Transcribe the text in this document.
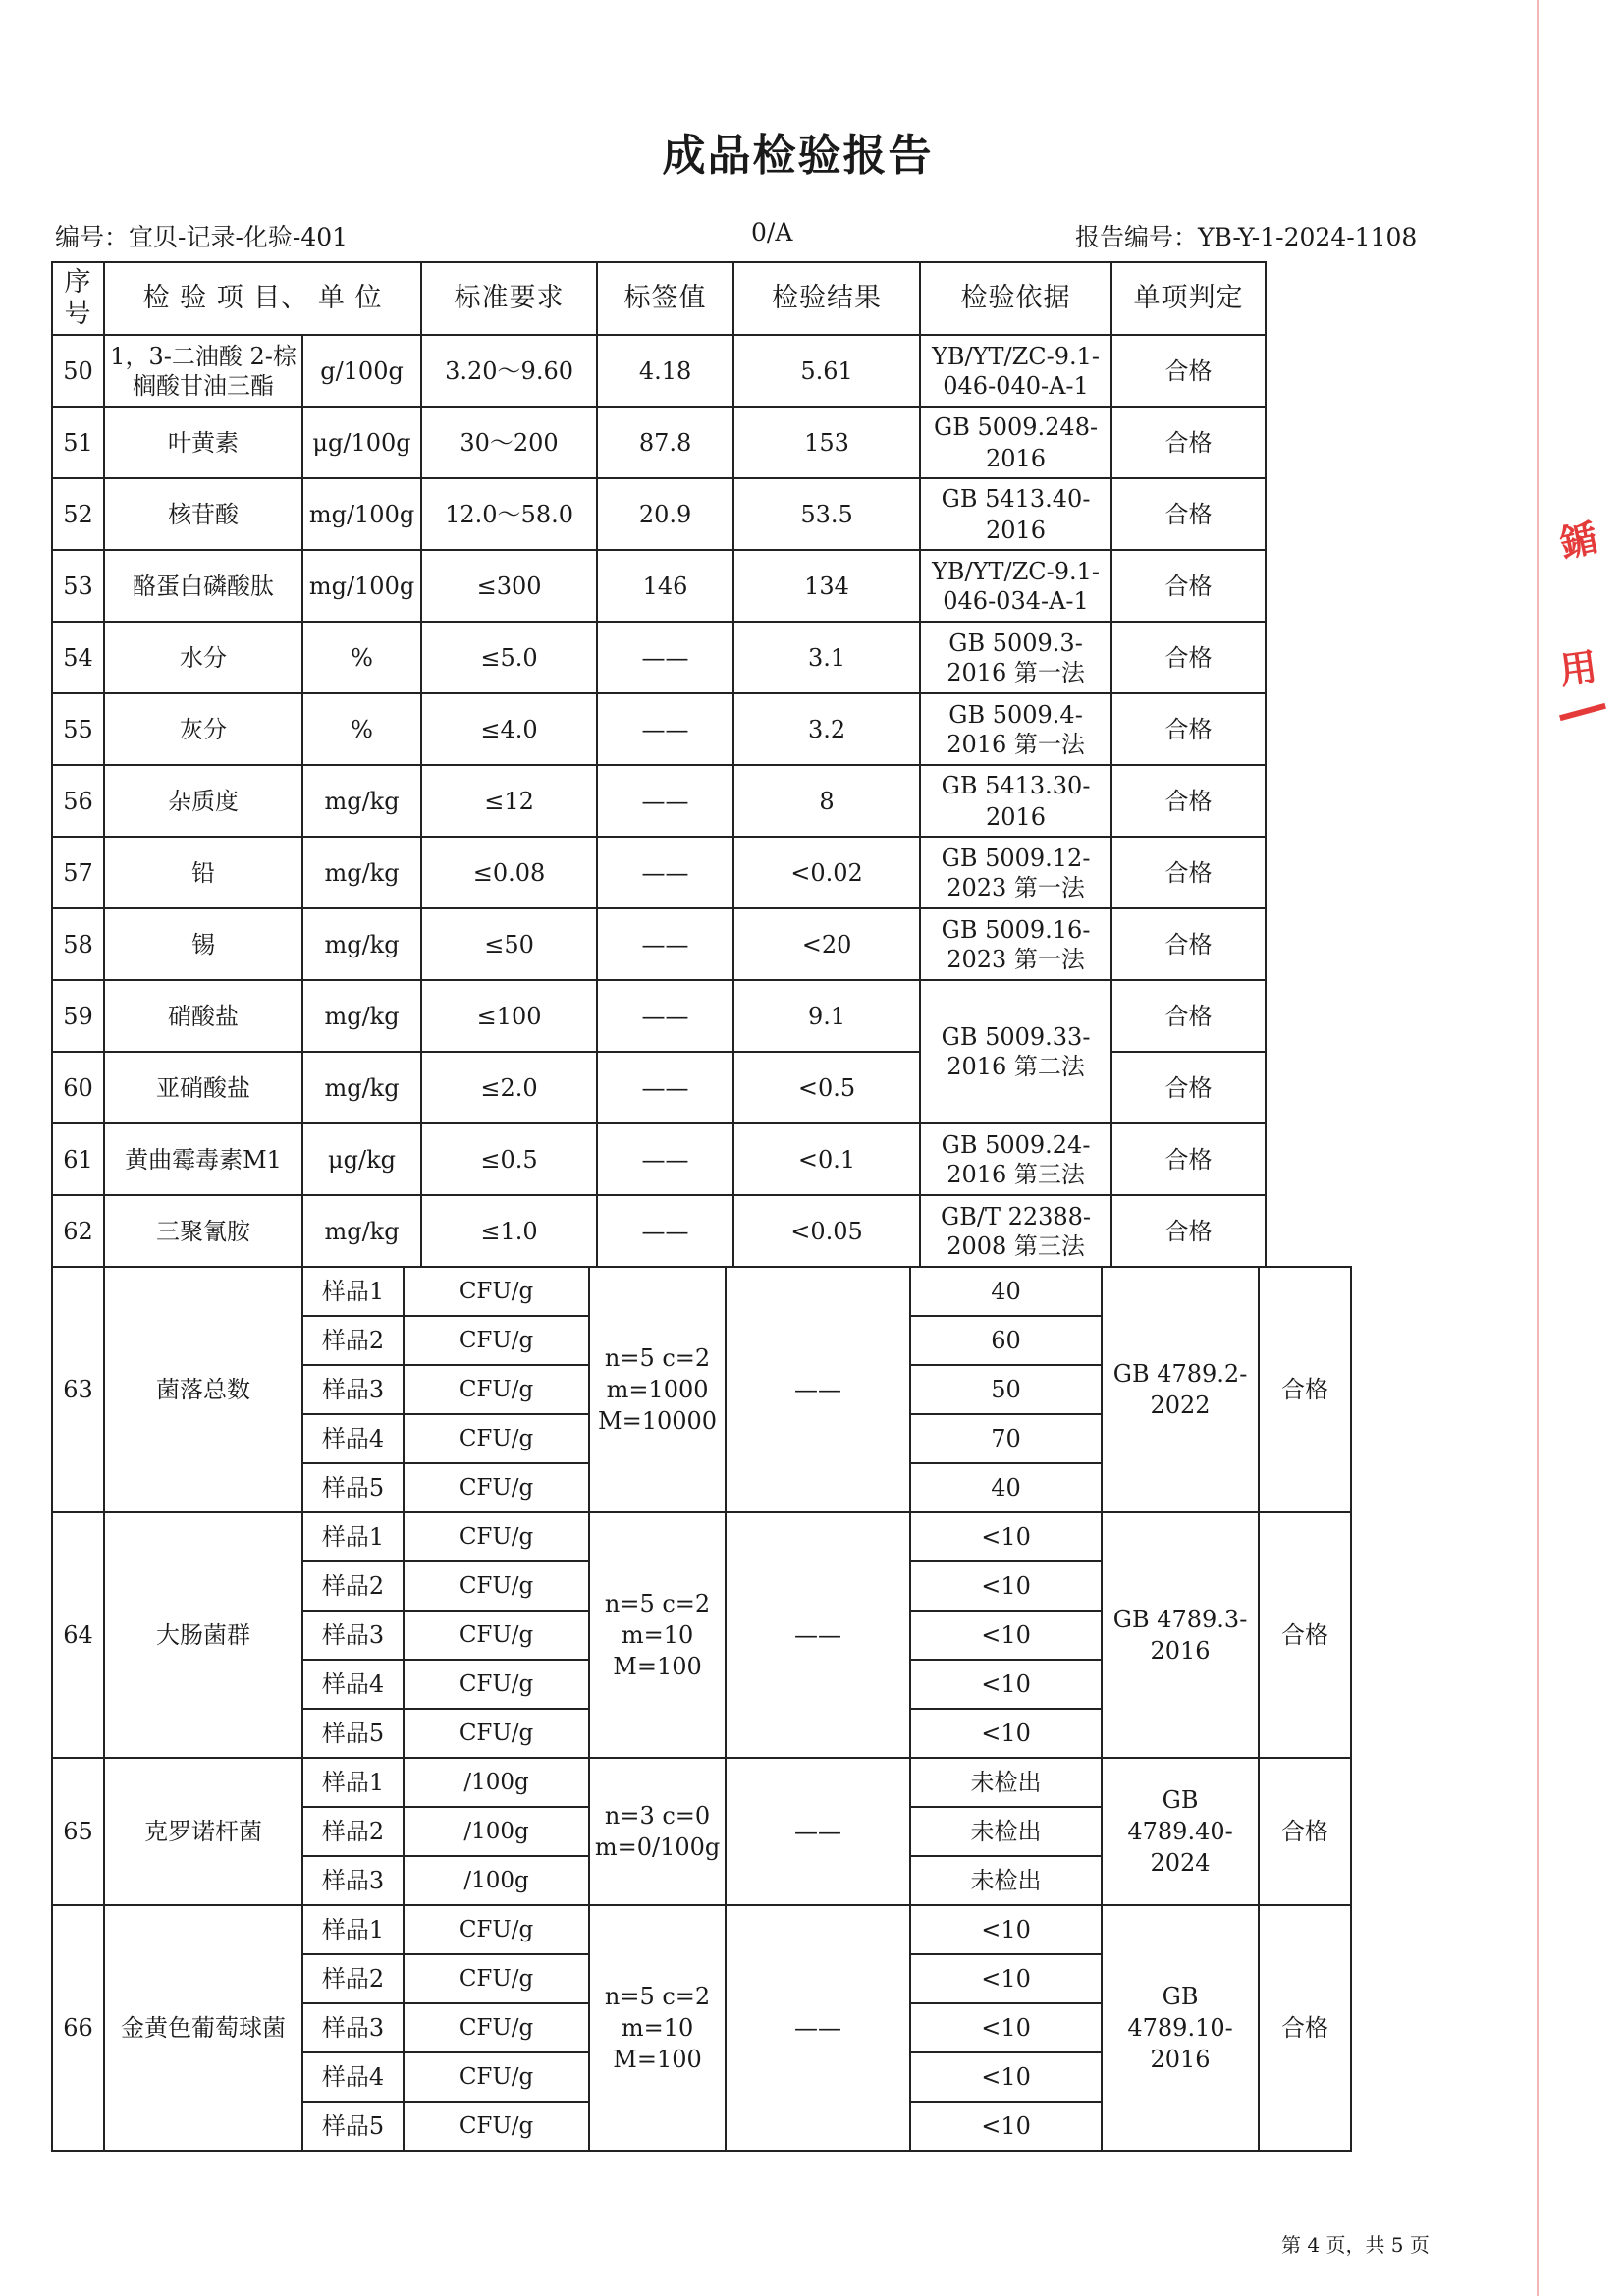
成品检验报告
编号：宜贝-记录-化验-401	0/A	报告编号：YB-Y-1-2024-1108
序号	检 验 项 目、 单 位			标准要求		标签值		检验结果		检验依据		单项判定
50	1，3-二油酸 2-棕榈酸甘油三酯	g/100g		3.20～9.60		4.18		5.61		YB/YT/ZC-9.1-046-040-A-1		合格
51	叶黄素	μg/100g		30～200		87.8		153		GB 5009.248-2016		合格
52	核苷酸	mg/100g		12.0～58.0		20.9		53.5		GB 5413.40-2016		合格
53	酪蛋白磷酸肽	mg/100g		≤300		146		134		YB/YT/ZC-9.1-046-034-A-1		合格
54	水分	%		≤5.0		——		3.1		GB 5009.3-2016 第一法		合格
55	灰分	%		≤4.0		——		3.2		GB 5009.4-2016 第一法		合格
56	杂质度	mg/kg		≤12		——		8		GB 5413.30-2016		合格
57	铅	mg/kg		≤0.08		——		<0.02		GB 5009.12-2023 第一法		合格
58	锡	mg/kg		≤50		——		<20		GB 5009.16-2023 第一法		合格
59	硝酸盐	mg/kg		≤100		——		9.1		GB 5009.33-2016 第二法		合格
60	亚硝酸盐	mg/kg		≤2.0		——		<0.5				合格
61	黄曲霉毒素M1	μg/kg		≤0.5		——		<0.1		GB 5009.24-2016 第三法		合格
62	三聚氰胺	mg/kg		≤1.0		——		<0.05		GB/T 22388-2008 第三法		合格
63	菌落总数	样品1	CFU/g		n=5 c=2 m=1000 M=10000		——		40		GB 4789.2-2022		合格
		样品2	CFU/g						60				
		样品3	CFU/g						50				
		样品4	CFU/g						70				
		样品5	CFU/g						40				
64	大肠菌群	样品1	CFU/g		n=5 c=2 m=10 M=100		——		<10		GB 4789.3-2016		合格
		样品2	CFU/g						<10				
		样品3	CFU/g						<10				
		样品4	CFU/g						<10				
		样品5	CFU/g						<10				
65	克罗诺杆菌	样品1	/100g		n=3 c=0 m=0/100g		——		未检出		GB 4789.40-2024		合格
		样品2	/100g						未检出				
		样品3	/100g						未检出				
66	金黄色葡萄球菌	样品1	CFU/g		n=5 c=2 m=10 M=100		——		<10		GB 4789.10-2016		合格
		样品2	CFU/g						<10				
		样品3	CFU/g						<10				
		样品4	CFU/g						<10				
		样品5	CFU/g						<10				
第 4 页，共 5 页
鍎
用
